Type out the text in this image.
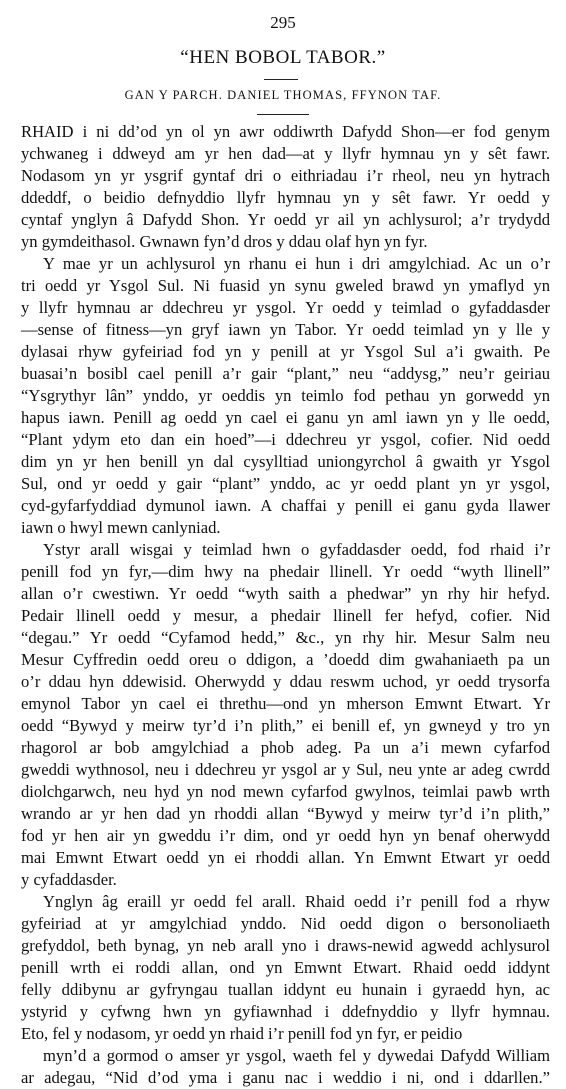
295
“HEN BOBOL TABOR.”
GAN Y PARCH. DANIEL THOMAS, FFYNON TAF.
RHAID i ni dd’od yn ol yn awr oddiwrth Dafydd Shon—er fod genym
ychwaneg i ddweyd am yr hen dad—at y llyfr hymnau yn y sêt fawr.
Nodasom yn yr ysgrif gyntaf dri o eithriadau i’r rheol, neu yn hytrach
ddeddf, o beidio defnyddio llyfr hymnau yn y sêt fawr. Yr oedd y
cyntaf ynglyn â Dafydd Shon. Yr oedd yr ail yn achlysurol; a’r trydydd
yn gymdeithasol. Gwnawn fyn’d dros y ddau olaf hyn yn fyr.
Y mae yr un achlysurol yn rhanu ei hun i dri amgylchiad. Ac un o’r
tri oedd yr Ysgol Sul. Ni fuasid yn synu gweled brawd yn ymaflyd yn
y llyfr hymnau ar ddechreu yr ysgol. Yr oedd y teimlad o gyfaddasder
—sense of fitness—yn gryf iawn yn Tabor. Yr oedd teimlad yn y lle y
dylasai rhyw gyfeiriad fod yn y penill at yr Ysgol Sul a’i gwaith. Pe
buasai’n bosibl cael penill a’r gair “plant,” neu “addysg,” neu’r geiriau
“Ysgrythyr lân” ynddo, yr oeddis yn teimlo fod pethau yn gorwedd yn
hapus iawn. Penill ag oedd yn cael ei ganu yn aml iawn yn y lle oedd,
“Plant ydym eto dan ein hoed”—i ddechreu yr ysgol, cofier. Nid oedd
dim yn yr hen benill yn dal cysylltiad uniongyrchol â gwaith yr Ysgol
Sul, ond yr oedd y gair “plant” ynddo, ac yr oedd plant yn yr ysgol,
cyd-gyfarfyddiad dymunol iawn. A chaffai y penill ei ganu gyda llawer
iawn o hwyl mewn canlyniad.
Ystyr arall wisgai y teimlad hwn o gyfaddasder oedd, fod rhaid i’r
penill fod yn fyr,—dim hwy na phedair llinell. Yr oedd “wyth llinell”
allan o’r cwestiwn. Yr oedd “wyth saith a phedwar” yn rhy hir hefyd.
Pedair llinell oedd y mesur, a phedair llinell fer hefyd, cofier. Nid
“degau.” Yr oedd “Cyfamod hedd,” &c., yn rhy hir. Mesur Salm neu
Mesur Cyffredin oedd oreu o ddigon, a ’doedd dim gwahaniaeth pa un
o’r ddau hyn ddewisid. Oherwydd y ddau reswm uchod, yr oedd trysorfa
emynol Tabor yn cael ei threthu—ond yn mherson Emwnt Etwart. Yr
oedd “Bywyd y meirw tyr’d i’n plith,” ei benill ef, yn gwneyd y tro yn
rhagorol ar bob amgylchiad a phob adeg. Pa un a’i mewn cyfarfod
gweddi wythnosol, neu i ddechreu yr ysgol ar y Sul, neu ynte ar adeg cwrdd
diolchgarwch, neu hyd yn nod mewn cyfarfod gwylnos, teimlai pawb wrth
wrando ar yr hen dad yn rhoddi allan “Bywyd y meirw tyr’d i’n plith,”
fod yr hen air yn gweddu i’r dim, ond yr oedd hyn yn benaf oherwydd
mai Emwnt Etwart oedd yn ei rhoddi allan. Yn Emwnt Etwart yr oedd
y cyfaddasder.
Ynglyn âg eraill yr oedd fel arall. Rhaid oedd i’r penill fod a rhyw
gyfeiriad at yr amgylchiad ynddo. Nid oedd digon o bersonoliaeth
grefyddol, beth bynag, yn neb arall yno i draws-newid agwedd achlysurol
penill wrth ei roddi allan, ond yn Emwnt Etwart. Rhaid oedd iddynt
felly ddibynu ar gyfryngau tuallan iddynt eu hunain i gyraedd hyn, ac
ystyrid y cyfwng hwn yn gyfiawnhad i ddefnyddio y llyfr hymnau.
Eto, fel y nodasom, yr oedd yn rhaid i’r penill fod yn fyr, er peidio
myn’d a gormod o amser yr ysgol, waeth fel y dywedai Dafydd William
ar adegau, “Nid d’od yma i ganu nac i weddio i ni, ond i ddarllen.”
